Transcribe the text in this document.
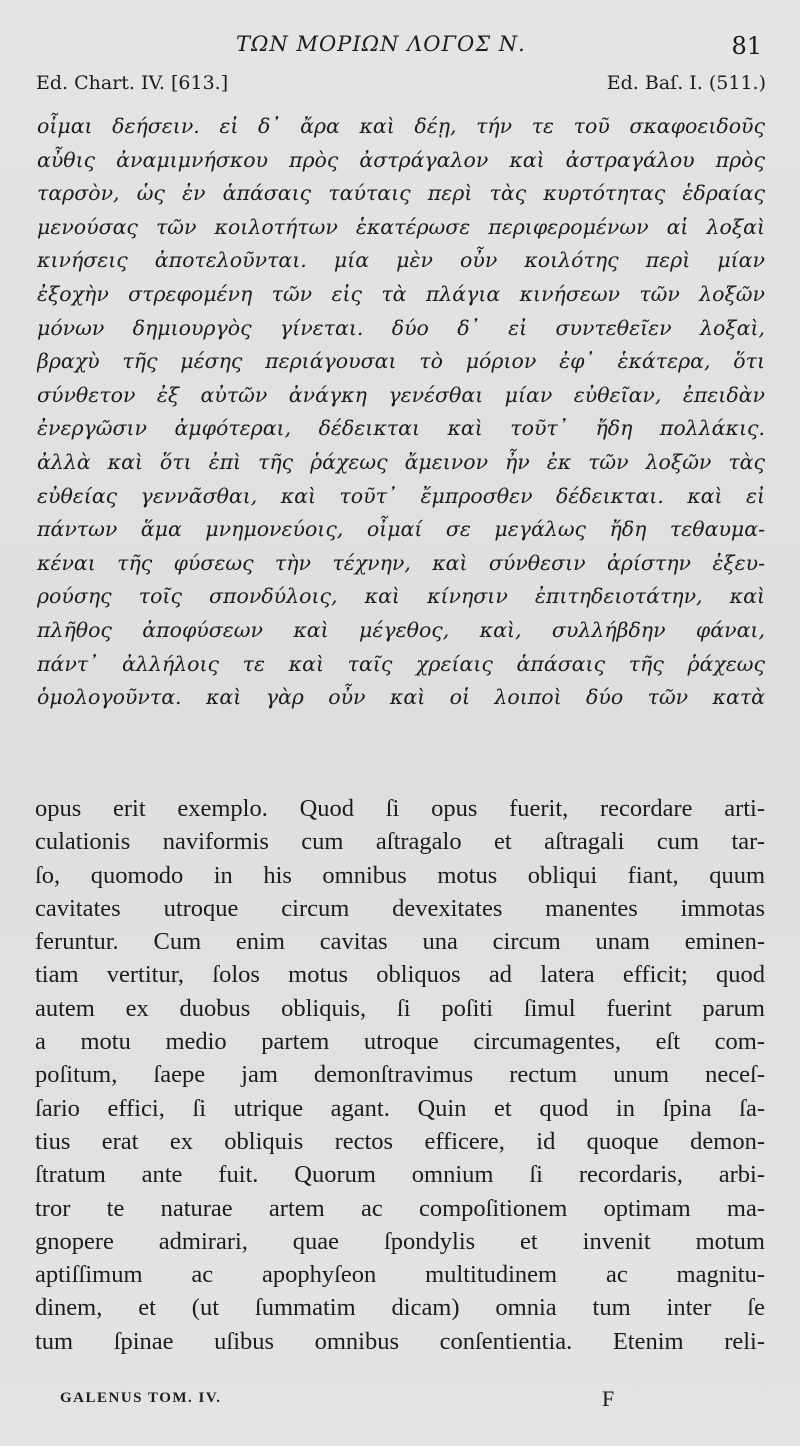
ΤΩΝ ΜΟΡΙΩΝ ΛΟΓΟΣ Ν.	81
Ed. Chart. IV. [613.]	Ed. Baſ. I. (511.)
οἶμαι δεήσειν. εἰ δ᾽ ἄρα καὶ δέῃ, τήν τε τοῦ σκαφοειδοῦς
αὖθις ἀναμιμνήσκου πρὸς ἀστράγαλον καὶ ἀστραγάλου πρὸς
ταρσὸν, ὡς ἐν ἁπάσαις ταύταις περὶ τὰς κυρτότητας ἑδραίας
μενούσας τῶν κοιλοτήτων ἑκατέρωσε περιφερομένων αἱ λοξαὶ
κινήσεις ἀποτελοῦνται. μία μὲν οὖν κοιλότης περὶ μίαν
ἐξοχὴν στρεφομένη τῶν εἰς τὰ πλάγια κινήσεων τῶν λοξῶν
μόνων δημιουργὸς γίνεται. δύο δ᾽ εἰ συντεθεῖεν λοξαὶ,
βραχὺ τῆς μέσης περιάγουσαι τὸ μόριον ἐφ᾽ ἑκάτερα, ὅτι
σύνθετον ἐξ αὐτῶν ἀνάγκη γενέσθαι μίαν εὐθεῖαν, ἐπειδὰν
ἐνεργῶσιν ἀμφότεραι, δέδεικται καὶ τοῦτ᾽ ἤδη πολλάκις.
ἀλλὰ καὶ ὅτι ἐπὶ τῆς ῥάχεως ἄμεινον ἦν ἐκ τῶν λοξῶν τὰς
εὐθείας γεννᾶσθαι, καὶ τοῦτ᾽ ἔμπροσθεν δέδεικται. καὶ εἰ
πάντων ἅμα μνημονεύοις, οἶμαί σε μεγάλως ἤδη τεθαυμα-
κέναι τῆς φύσεως τὴν τέχνην, καὶ σύνθεσιν ἀρίστην ἐξευ-
ρούσης τοῖς σπονδύλοις, καὶ κίνησιν ἐπιτηδειοτάτην, καὶ
πλῆθος ἀποφύσεων καὶ μέγεθος, καὶ, συλλήβδην φάναι,
πάντ᾽ ἀλλήλοις τε καὶ ταῖς χρείαις ἁπάσαις τῆς ῥάχεως
ὁμολογοῦντα. καὶ γὰρ οὖν καὶ οἱ λοιποὶ δύο τῶν κατὰ
opus erit exemplo. Quod ſi opus fuerit, recordare arti-
culationis naviformis cum aſtragalo et aſtragali cum tar-
ſo, quomodo in his omnibus motus obliqui fiant, quum
cavitates utroque circum devexitates manentes immotas
feruntur. Cum enim cavitas una circum unam eminen-
tiam vertitur, ſolos motus obliquos ad latera efficit; quod
autem ex duobus obliquis, ſi poſiti ſimul fuerint parum
a motu medio partem utroque circumagentes, eſt com-
poſitum, ſaepe jam demonſtravimus rectum unum neceſ-
ſario effici, ſi utrique agant. Quin et quod in ſpina ſa-
tius erat ex obliquis rectos efficere, id quoque demon-
ſtratum ante fuit. Quorum omnium ſi recordaris, arbi-
tror te naturae artem ac compoſitionem optimam ma-
gnopere admirari, quae ſpondylis et invenit motum
aptiſſimum ac apophyſeon multitudinem ac magnitu-
dinem, et (ut ſummatim dicam) omnia tum inter ſe
tum ſpinae uſibus omnibus conſentientia. Etenim reli-
GALENUS TOM. IV.	F
